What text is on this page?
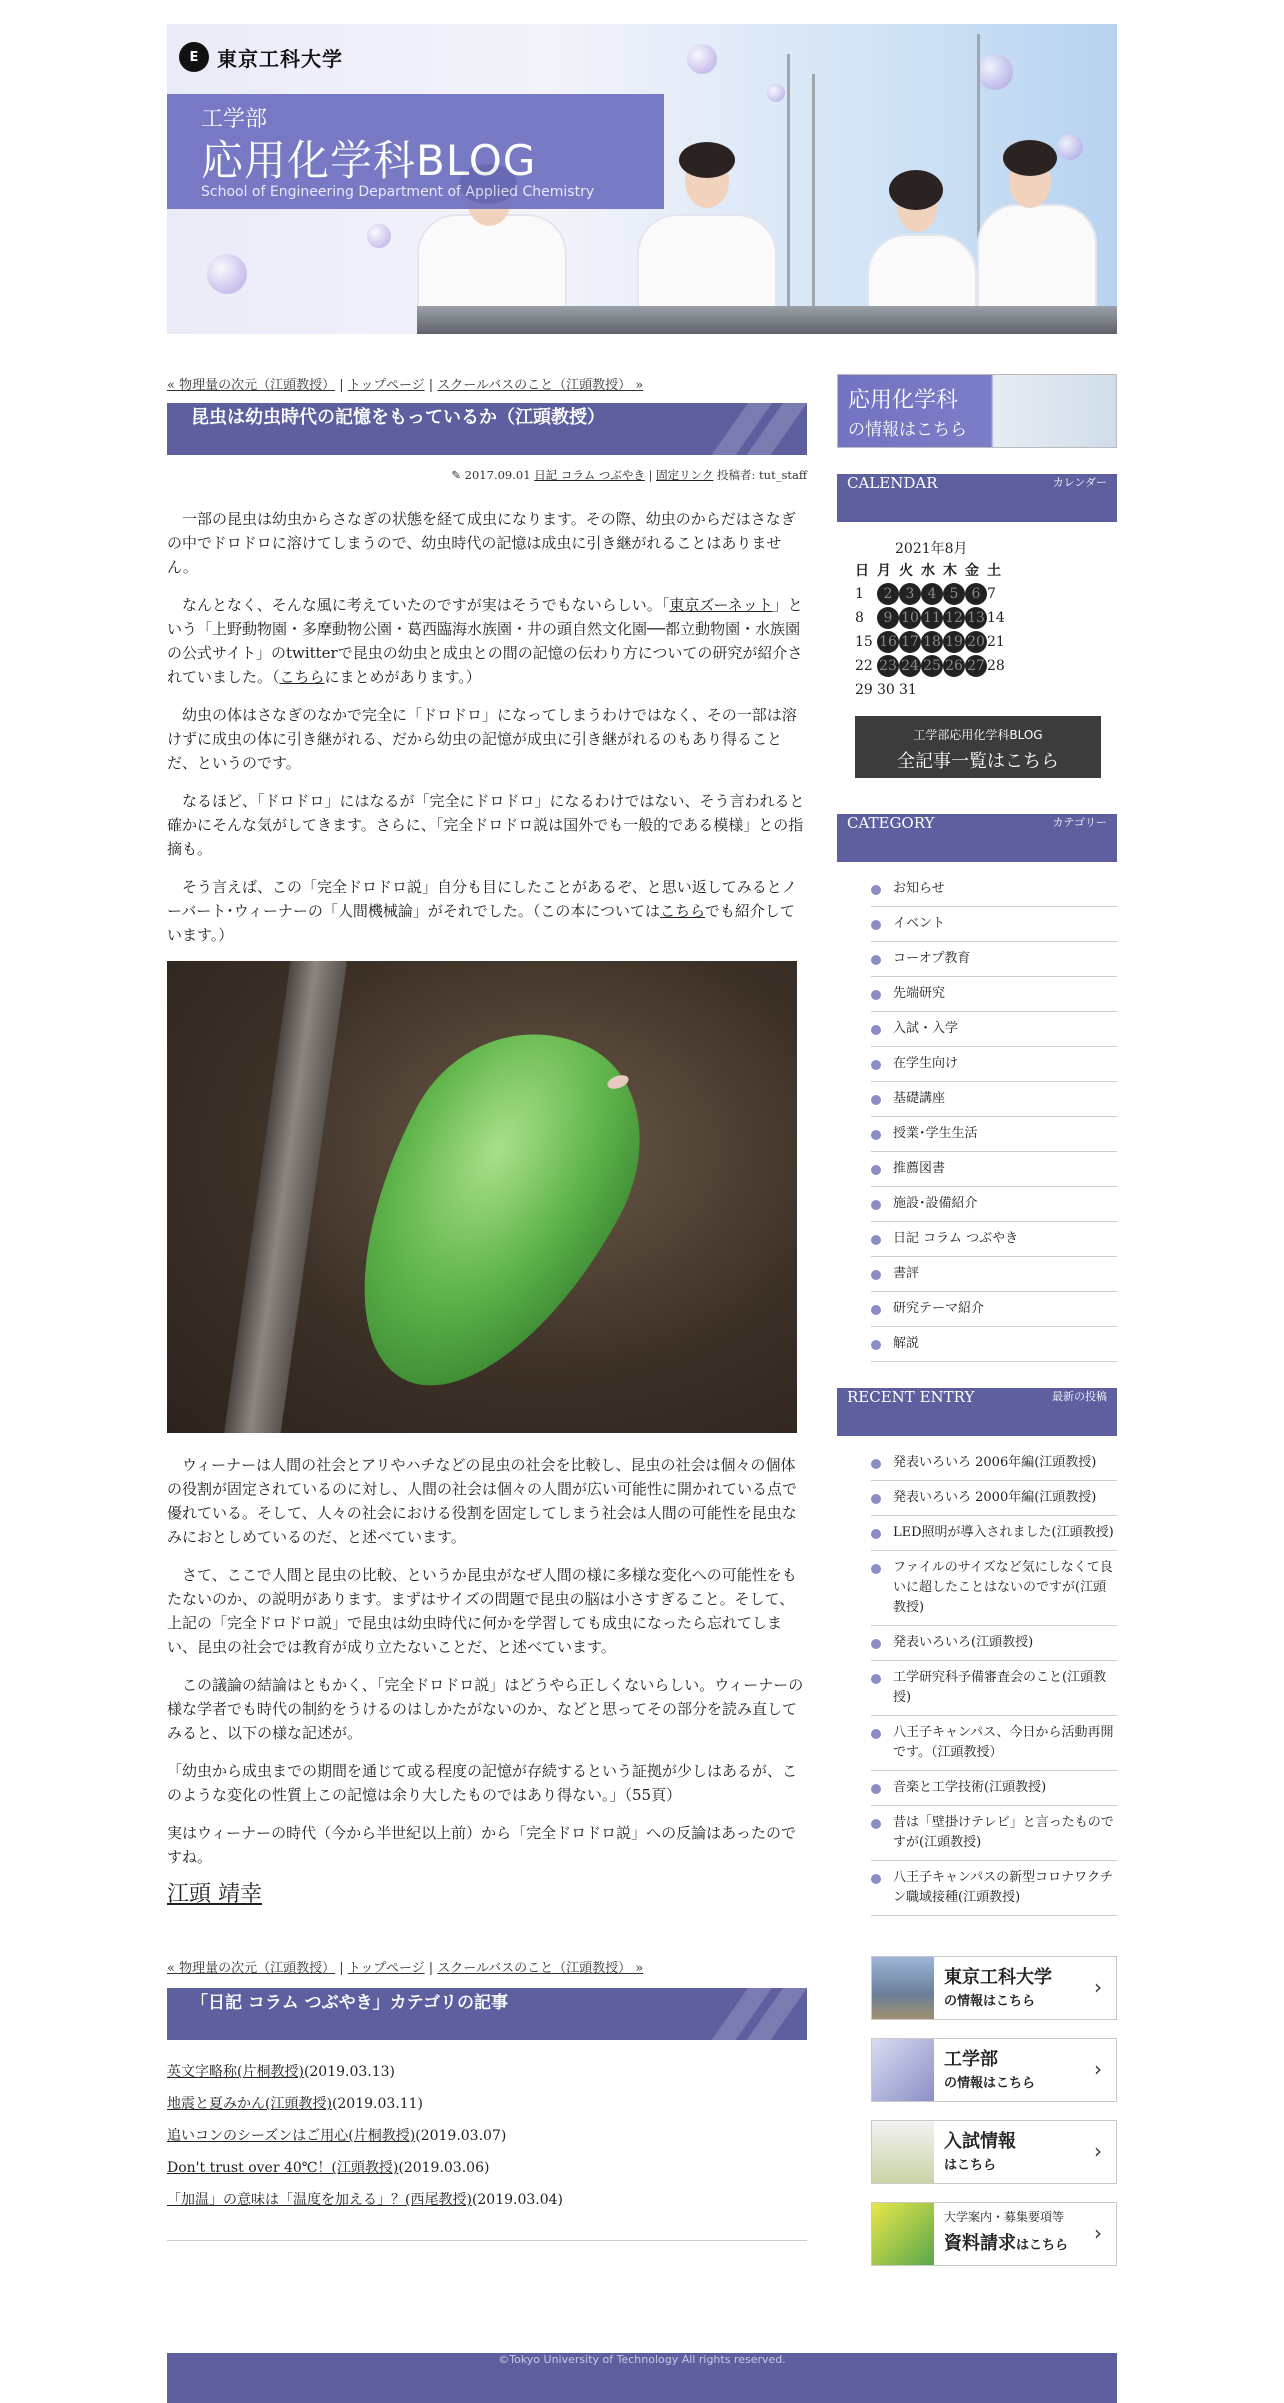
E 東京工科大学
工学部
応用化学科BLOG
School of Engineering Department of Applied Chemistry
« 物理量の次元（江頭教授） | トップページ | スクールバスのこと（江頭教授） »
昆虫は幼虫時代の記憶をもっているか（江頭教授）
✎ 2017.09.01 日記 コラム つぶやき | 固定リンク 投稿者: tut_staff

一部の昆虫は幼虫からさなぎの状態を経て成虫になります。その際、幼虫のからだはさなぎの中でドロドロに溶けてしまうので、幼虫時代の記憶は成虫に引き継がれることはありません。

なんとなく、そんな風に考えていたのですが実はそうでもないらしい。「東京ズーネット」という「上野動物園・多摩動物公園・葛西臨海水族園・井の頭自然文化園──都立動物園・水族園の公式サイト」のtwitterで昆虫の幼虫と成虫との間の記憶の伝わり方についての研究が紹介されていました。（こちらにまとめがあります。）

幼虫の体はさなぎのなかで完全に「ドロドロ」になってしまうわけではなく、その一部は溶けずに成虫の体に引き継がれる、だから幼虫の記憶が成虫に引き継がれるのもあり得ることだ、というのです。

なるほど、「ドロドロ」にはなるが「完全にドロドロ」になるわけではない、そう言われると確かにそんな気がしてきます。さらに、「完全ドロドロ説は国外でも一般的である模様」との指摘も。

そう言えば、この「完全ドロドロ説」自分も目にしたことがあるぞ、と思い返してみるとノーバート･ウィーナーの「人間機械論」がそれでした。（この本についてはこちらでも紹介しています。）

ウィーナーは人間の社会とアリやハチなどの昆虫の社会を比較し、昆虫の社会は個々の個体の役割が固定されているのに対し、人間の社会は個々の人間が広い可能性に開かれている点で優れている。そして、人々の社会における役割を固定してしまう社会は人間の可能性を昆虫なみにおとしめているのだ、と述べています。

さて、ここで人間と昆虫の比較、というか昆虫がなぜ人間の様に多様な変化への可能性をもたないのか、の説明があります。まずはサイズの問題で昆虫の脳は小さすぎること。そして、上記の「完全ドロドロ説」で昆虫は幼虫時代に何かを学習しても成虫になったら忘れてしまい、昆虫の社会では教育が成り立たないことだ、と述べています。

この議論の結論はともかく、「完全ドロドロ説」はどうやら正しくないらしい。ウィーナーの様な学者でも時代の制約をうけるのはしかたがないのか、などと思ってその部分を読み直してみると、以下の様な記述が。

「幼虫から成虫までの期間を通じて或る程度の記憶が存続するという証拠が少しはあるが、このような変化の性質上この記憶は余り大したものではあり得ない。」（55頁）

実はウィーナーの時代（今から半世紀以上前）から「完全ドロドロ説」への反論はあったのですね。

江頭 靖幸
« 物理量の次元（江頭教授） | トップページ | スクールバスのこと（江頭教授） »
「日記 コラム つぶやき」カテゴリの記事
英文字略称(片桐教授)(2019.03.13)
地震と夏みかん(江頭教授)(2019.03.11)
追いコンのシーズンはご用心(片桐教授)(2019.03.07)
Don't trust over 40℃！(江頭教授)(2019.03.06)
「加温」の意味は「温度を加える」？(西尾教授)(2019.03.04)
応用化学科
の情報はこちら
CALENDAR	カレンダー
2021年8月
日	月	火	水	木	金	土
1	2	3	4	5	6	7
8	9	10	11	12	13	14
15	16	17	18	19	20	21
22	23	24	25	26	27	28
29	30	31				
工学部応用化学科BLOG
全記事一覧はこちら
CATEGORY	カテゴリー
お知らせ
イベント
コーオプ教育
先端研究
入試・入学
在学生向け
基礎講座
授業･学生生活
推薦図書
施設･設備紹介
日記 コラム つぶやき
書評
研究テーマ紹介
解説
RECENT ENTRY	最新の投稿
発表いろいろ 2006年編(江頭教授)
発表いろいろ 2000年編(江頭教授)
LED照明が導入されました(江頭教授)
ファイルのサイズなど気にしなくて良いに超したことはないのですが(江頭教授)
発表いろいろ(江頭教授)
工学研究科予備審査会のこと(江頭教授)
八王子キャンパス、今日から活動再開です。（江頭教授）
音楽と工学技術(江頭教授)
昔は「壁掛けテレビ」と言ったものですが(江頭教授)
八王子キャンパスの新型コロナワクチン職域接種(江頭教授)
東京工科大学
の情報はこちら
›
工学部
の情報はこちら
›
入試情報
はこちら
›
大学案内・募集要項等
資料請求はこちら
›
©Tokyo University of Technology All rights reserved.
